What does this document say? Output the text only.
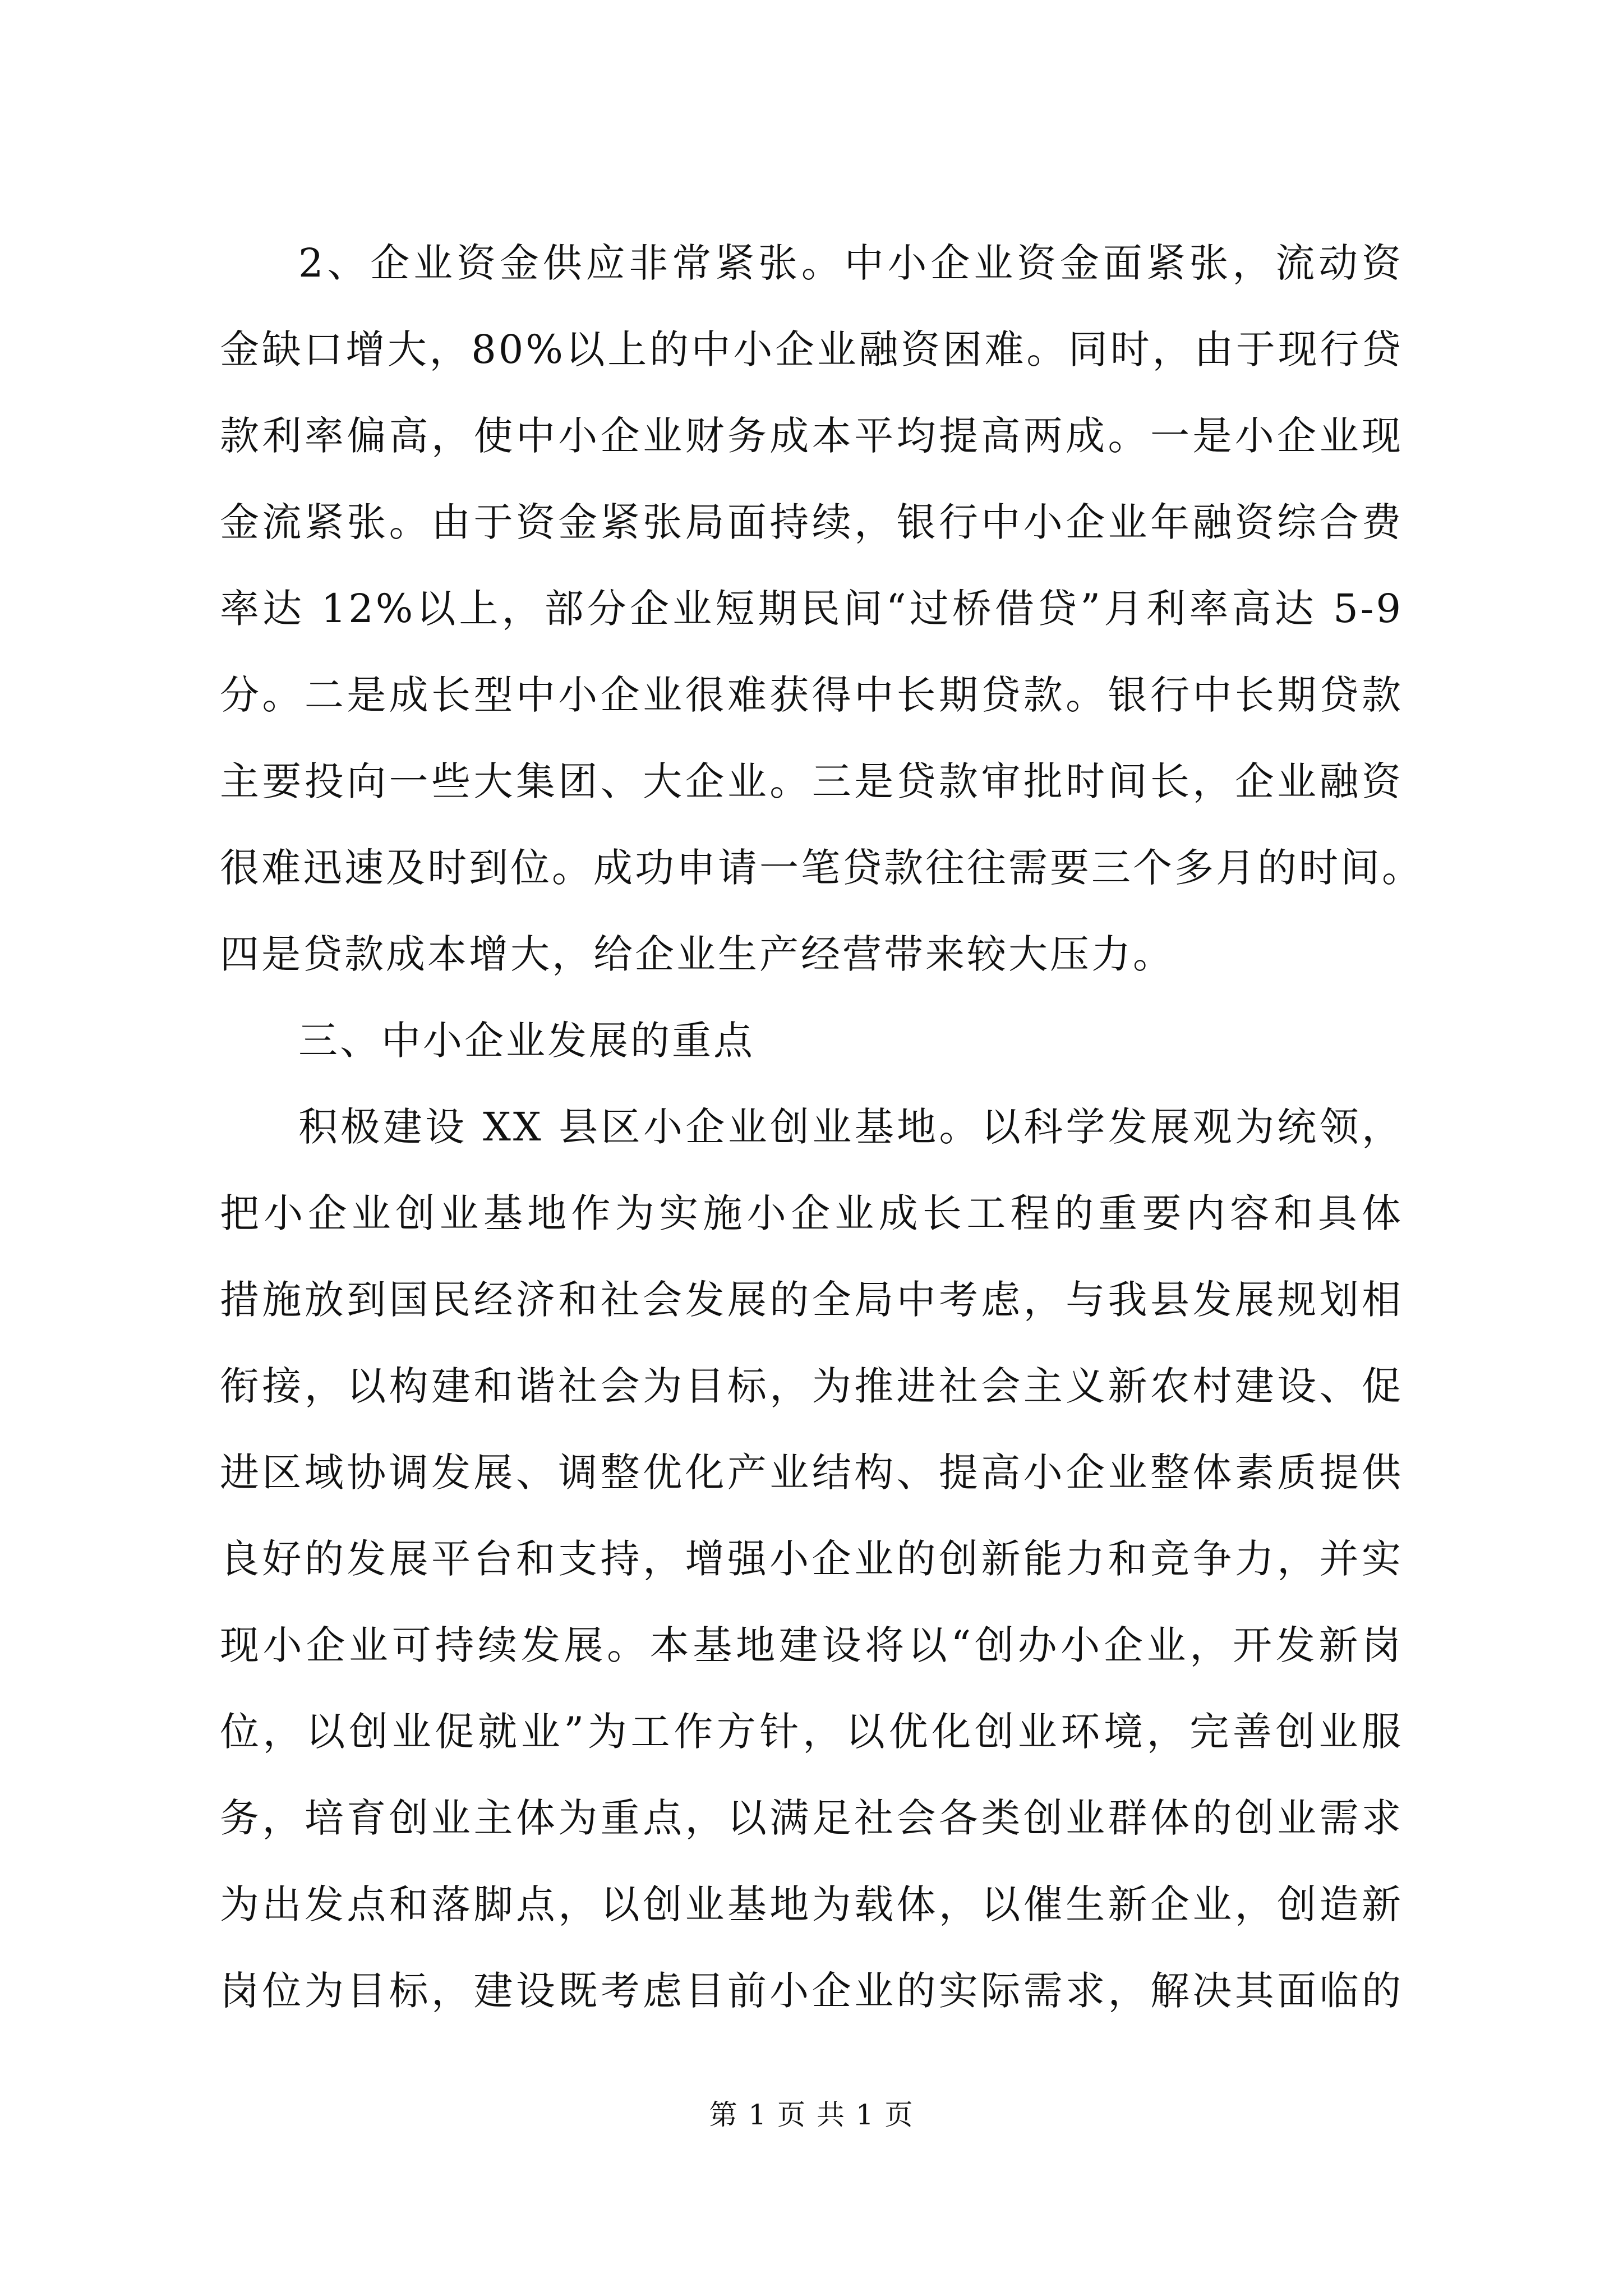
2、企业资金供应非常紧张。中小企业资金面紧张，流动资
金缺口增大，80%以上的中小企业融资困难。同时，由于现行贷
款利率偏高，使中小企业财务成本平均提高两成。一是小企业现
金流紧张。由于资金紧张局面持续，银行中小企业年融资综合费
率达 12%以上，部分企业短期民间“过桥借贷”月利率高达 5-9
分。二是成长型中小企业很难获得中长期贷款。银行中长期贷款
主要投向一些大集团、大企业。三是贷款审批时间长，企业融资
很难迅速及时到位。成功申请一笔贷款往往需要三个多月的时间。
四是贷款成本增大，给企业生产经营带来较大压力。
三、中小企业发展的重点
积极建设 XX 县区小企业创业基地。以科学发展观为统领，
把小企业创业基地作为实施小企业成长工程的重要内容和具体
措施放到国民经济和社会发展的全局中考虑，与我县发展规划相
衔接，以构建和谐社会为目标，为推进社会主义新农村建设、促
进区域协调发展、调整优化产业结构、提高小企业整体素质提供
良好的发展平台和支持，增强小企业的创新能力和竞争力，并实
现小企业可持续发展。本基地建设将以“创办小企业，开发新岗
位，以创业促就业”为工作方针，以优化创业环境，完善创业服
务，培育创业主体为重点，以满足社会各类创业群体的创业需求
为出发点和落脚点，以创业基地为载体，以催生新企业，创造新
岗位为目标，建设既考虑目前小企业的实际需求，解决其面临的
第 1 页 共 1 页
